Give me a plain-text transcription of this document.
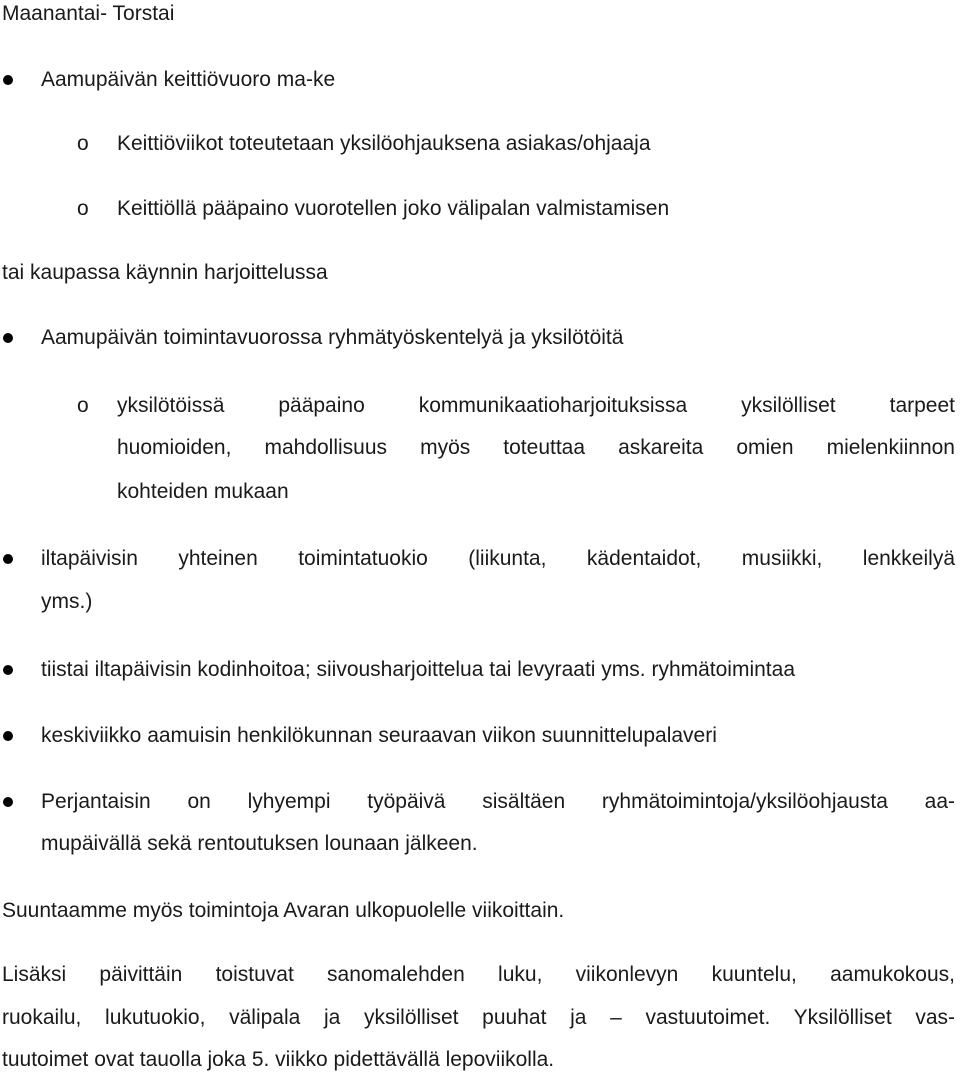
Maanantai- Torstai
Aamupäivän keittiövuoro ma-ke
o Keittiöviikot toteutetaan yksilöohjauksena asiakas/ohjaaja
o Keittiöllä pääpaino vuorotellen joko välipalan valmistamisen
tai kaupassa käynnin harjoittelussa
Aamupäivän toimintavuorossa ryhmätyöskentelyä ja yksilötöitä
o yksilötöissä pääpaino kommunikaatioharjoituksissa yksilölliset tarpeet
huomioiden, mahdollisuus myös toteuttaa askareita omien mielenkiinnon
kohteiden mukaan
iltapäivisin yhteinen toimintatuokio (liikunta, kädentaidot, musiikki, lenkkeilyä
yms.)
tiistai iltapäivisin kodinhoitoa; siivousharjoittelua tai levyraati yms. ryhmätoimintaa
keskiviikko aamuisin henkilökunnan seuraavan viikon suunnittelupalaveri
Perjantaisin on lyhyempi työpäivä sisältäen ryhmätoimintoja/yksilöohjausta aa-
mupäivällä sekä rentoutuksen lounaan jälkeen.
Suuntaamme myös toimintoja Avaran ulkopuolelle viikoittain.
Lisäksi päivittäin toistuvat sanomalehden luku, viikonlevyn kuuntelu, aamukokous,
ruokailu, lukutuokio, välipala ja yksilölliset puuhat ja – vastuutoimet. Yksilölliset vas-
tuutoimet ovat tauolla joka 5. viikko pidettävällä lepoviikolla.
